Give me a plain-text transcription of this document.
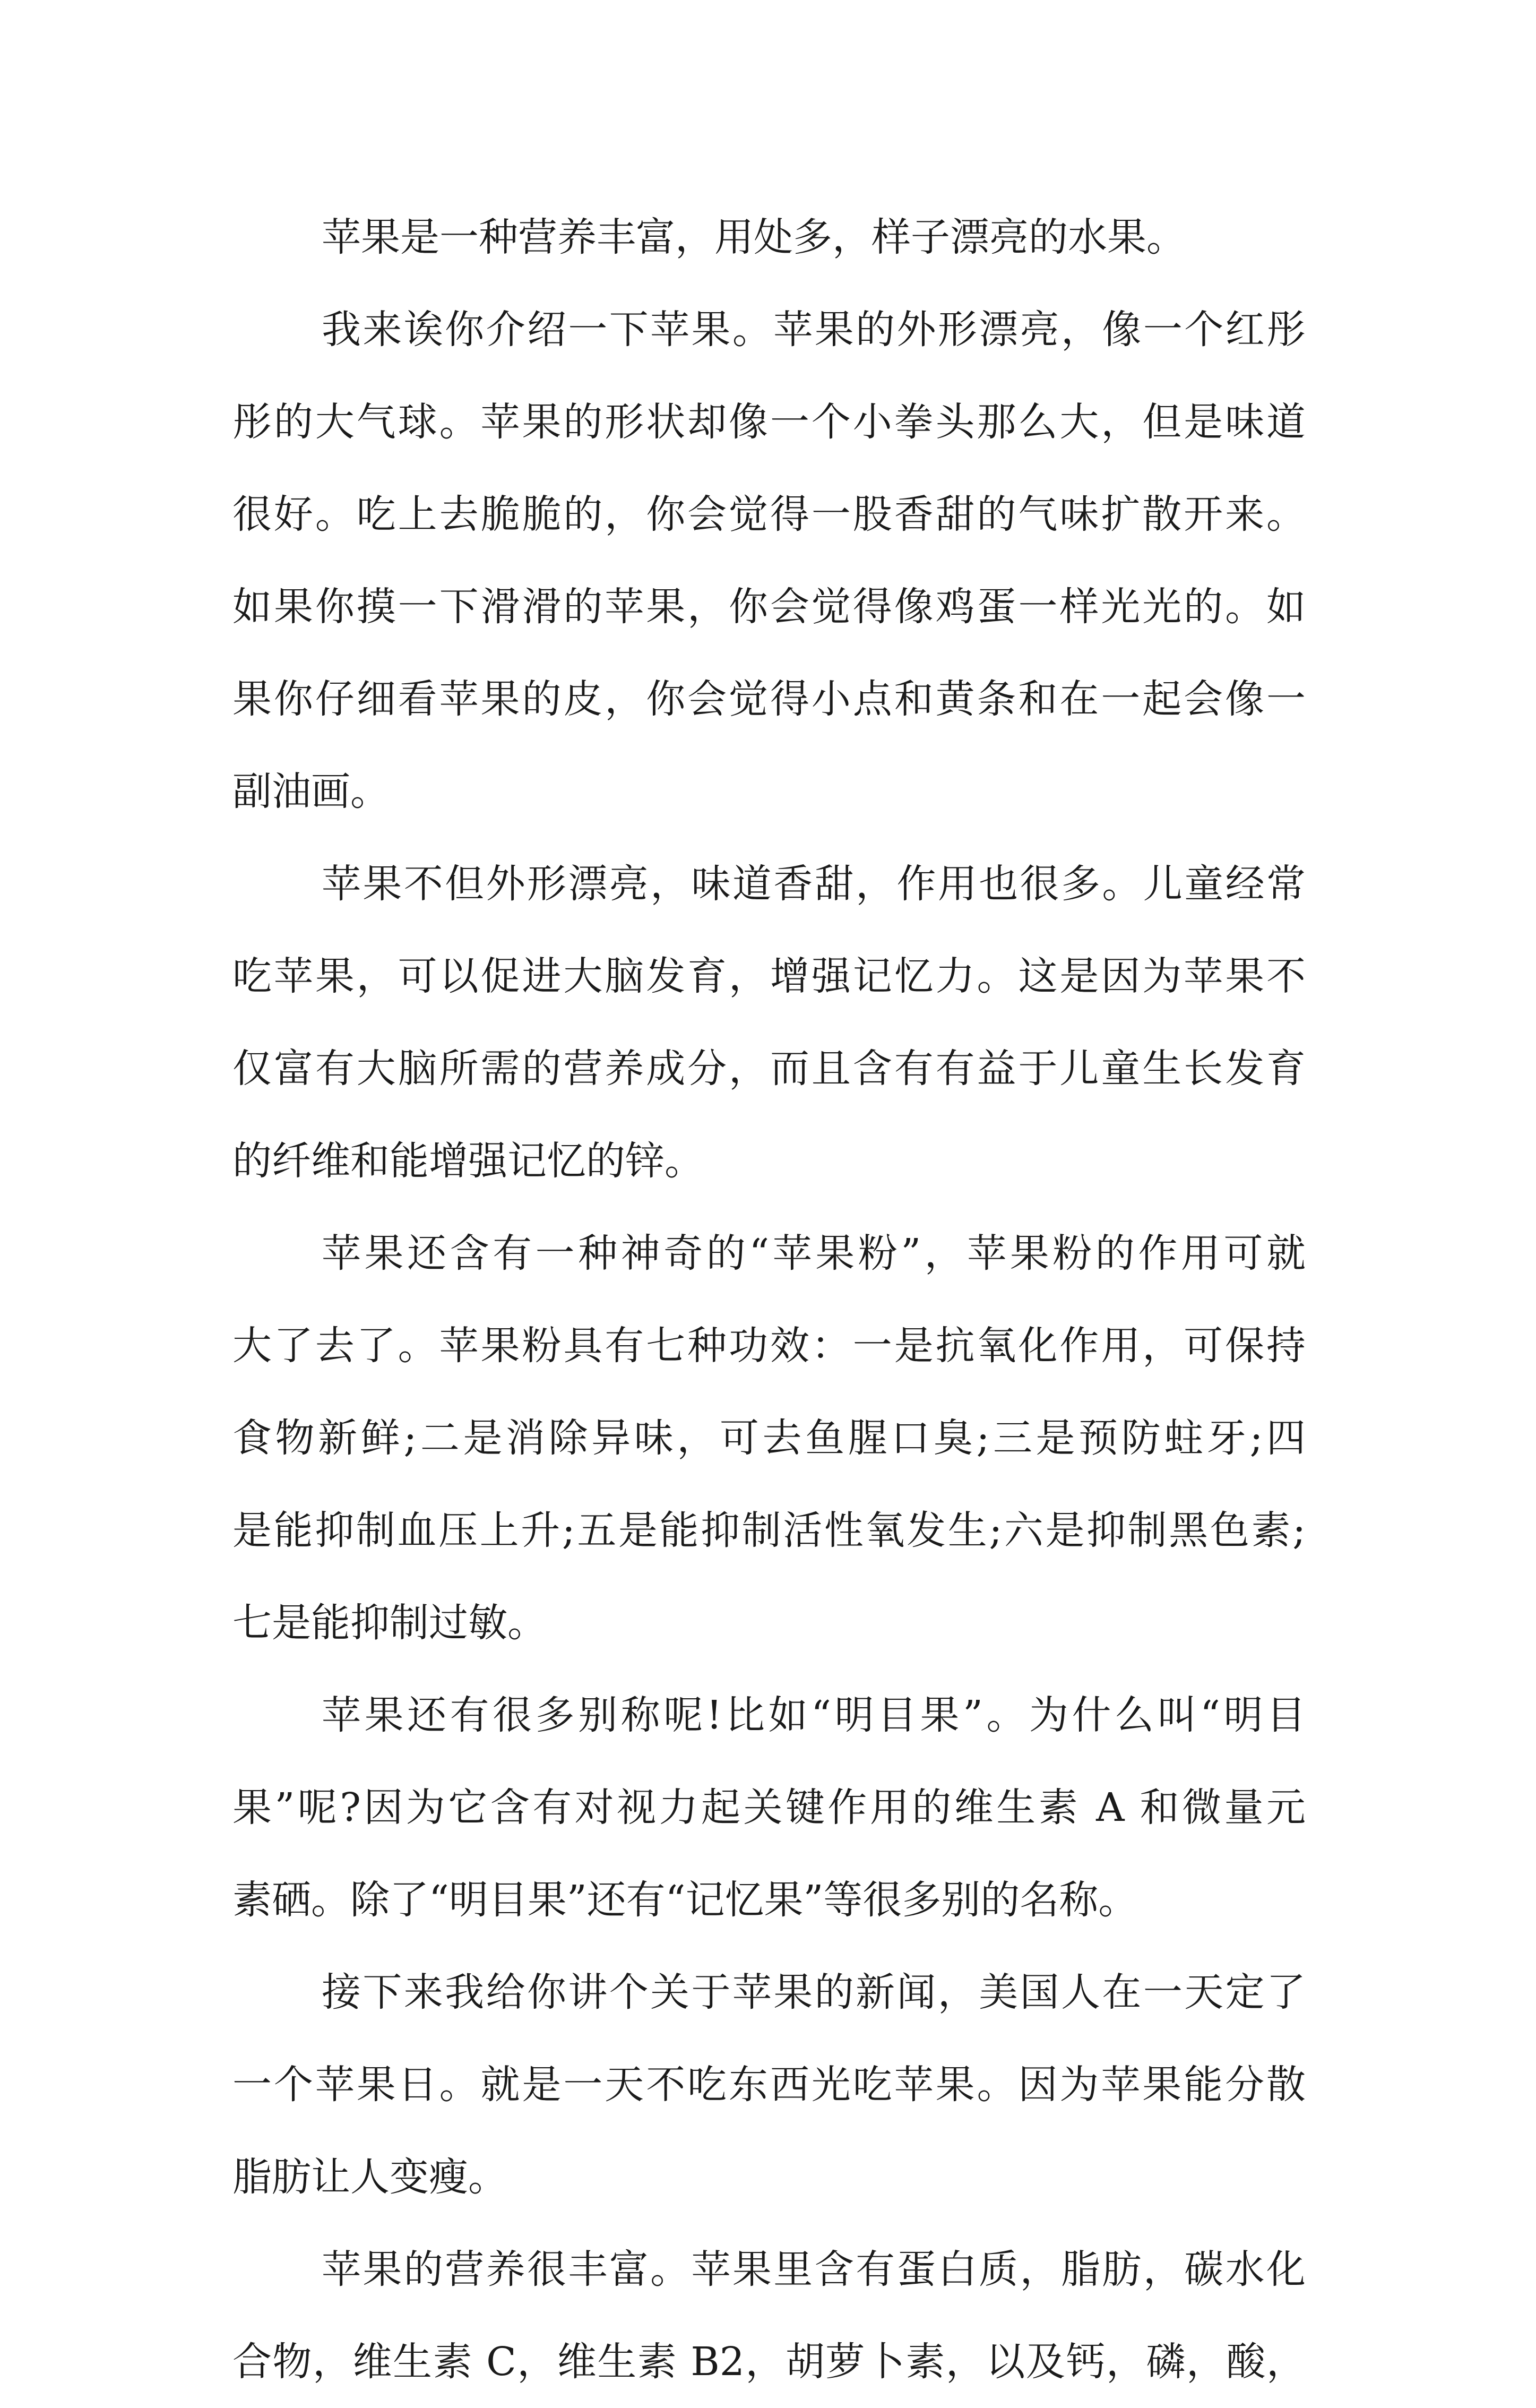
苹果是一种营养丰富，用处多，样子漂亮的水果。
我来诶你介绍一下苹果。苹果的外形漂亮，像一个红彤
彤的大气球。苹果的形状却像一个小拳头那么大，但是味道
很好。吃上去脆脆的，你会觉得一股香甜的气味扩散开来。
如果你摸一下滑滑的苹果，你会觉得像鸡蛋一样光光的。如
果你仔细看苹果的皮，你会觉得小点和黄条和在一起会像一
副油画。
苹果不但外形漂亮，味道香甜，作用也很多。儿童经常
吃苹果，可以促进大脑发育，增强记忆力。这是因为苹果不
仅富有大脑所需的营养成分，而且含有有益于儿童生长发育
的纤维和能增强记忆的锌。
苹果还含有一种神奇的“苹果粉”，苹果粉的作用可就
大了去了。苹果粉具有七种功效：一是抗氧化作用，可保持
食物新鲜;二是消除异味，可去鱼腥口臭;三是预防蛀牙;四
是能抑制血压上升;五是能抑制活性氧发生;六是抑制黑色素;
七是能抑制过敏。
苹果还有很多别称呢!比如“明目果”。为什么叫“明目
果”呢?因为它含有对视力起关键作用的维生素 A 和微量元
素硒。除了“明目果”还有“记忆果”等很多别的名称。
接下来我给你讲个关于苹果的新闻，美国人在一天定了
一个苹果日。就是一天不吃东西光吃苹果。因为苹果能分散
脂肪让人变瘦。
苹果的营养很丰富。苹果里含有蛋白质，脂肪，碳水化
合物，维生素 C，维生素 B2，胡萝卜素，以及钙，磷，酸，
